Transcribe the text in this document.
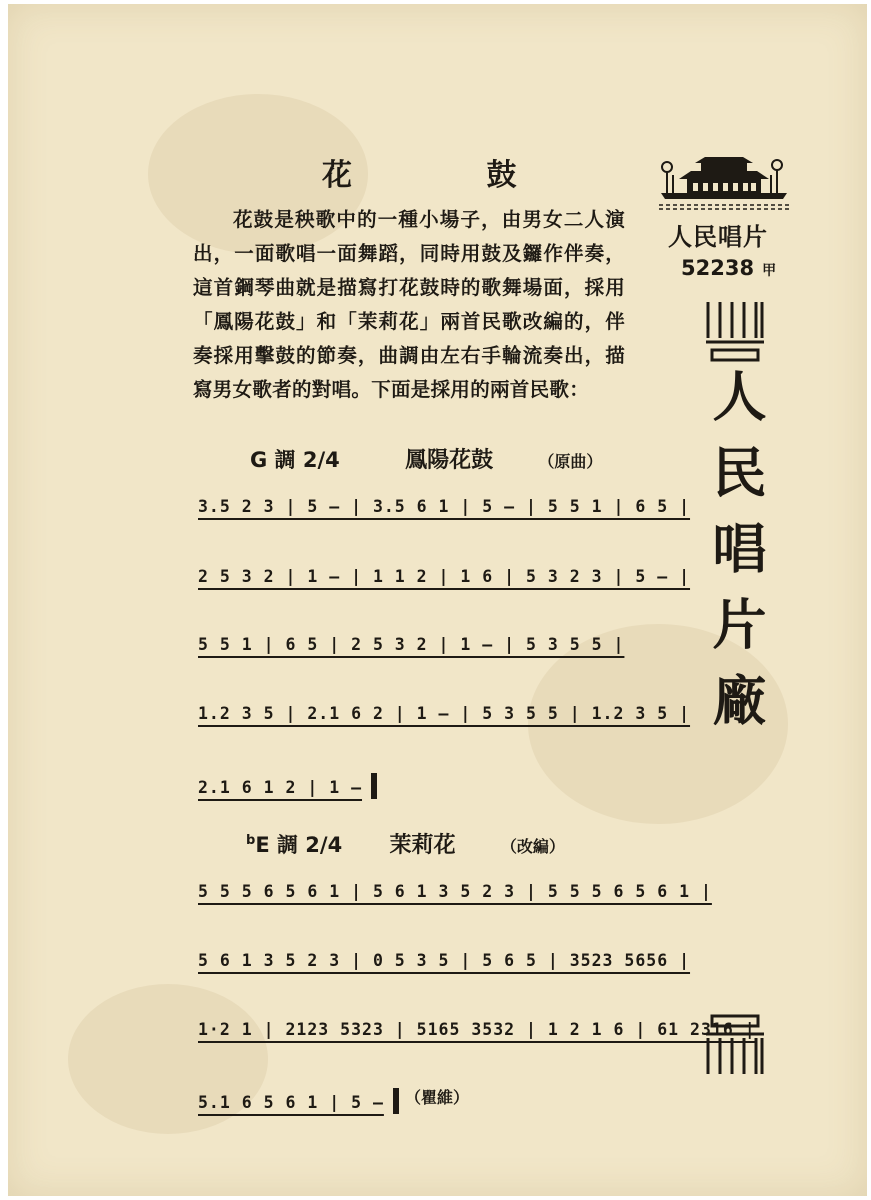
花 鼓
花鼓是秧歌中的一種小場子，由男女二人演出，一面歌唱一面舞蹈，同時用鼓及鑼作伴奏，這首鋼琴曲就是描寫打花鼓時的歌舞場面，採用「鳳陽花鼓」和「茉莉花」兩首民歌改編的，伴奏採用擊鼓的節奏，曲調由左右手輪流奏出，描寫男女歌者的對唱。下面是採用的兩首民歌：
G 調 2/4	鳳陽花鼓	（原曲）
3.5 2 3 | 5 — | 3.5 6 1 | 5 — | 5 5 1 | 6 5 |
2 5 3 2 | 1 — | 1 1 2 | 1 6 | 5 3 2 3 | 5 — |
5 5 1 | 6 5 | 2 5 3 2 | 1 — | 5 3 5 5 |
1.2 3 5 | 2.1 6 2 | 1 — | 5 3 5 5 | 1.2 3 5 |
2.1 6 1 2 | 1 —
$^b$E 調 2/4 茉莉花	（改編）
5 5 5 6 5 6 1 | 5 6 1 3 5 2 3 | 5 5 5 6 5 6 1 |
5 6 1 3 5 2 3 | 0 5 3 5 | 5 6 5 | 3523 5656 |
1·2 1 | 2123 5323 | 5165 3532 | 1 2 1 6 | 61 2316 |
5.1 6 5 6 1 | 5 —	（瞿維）
人民唱片
52238 甲
人民唱片廠
